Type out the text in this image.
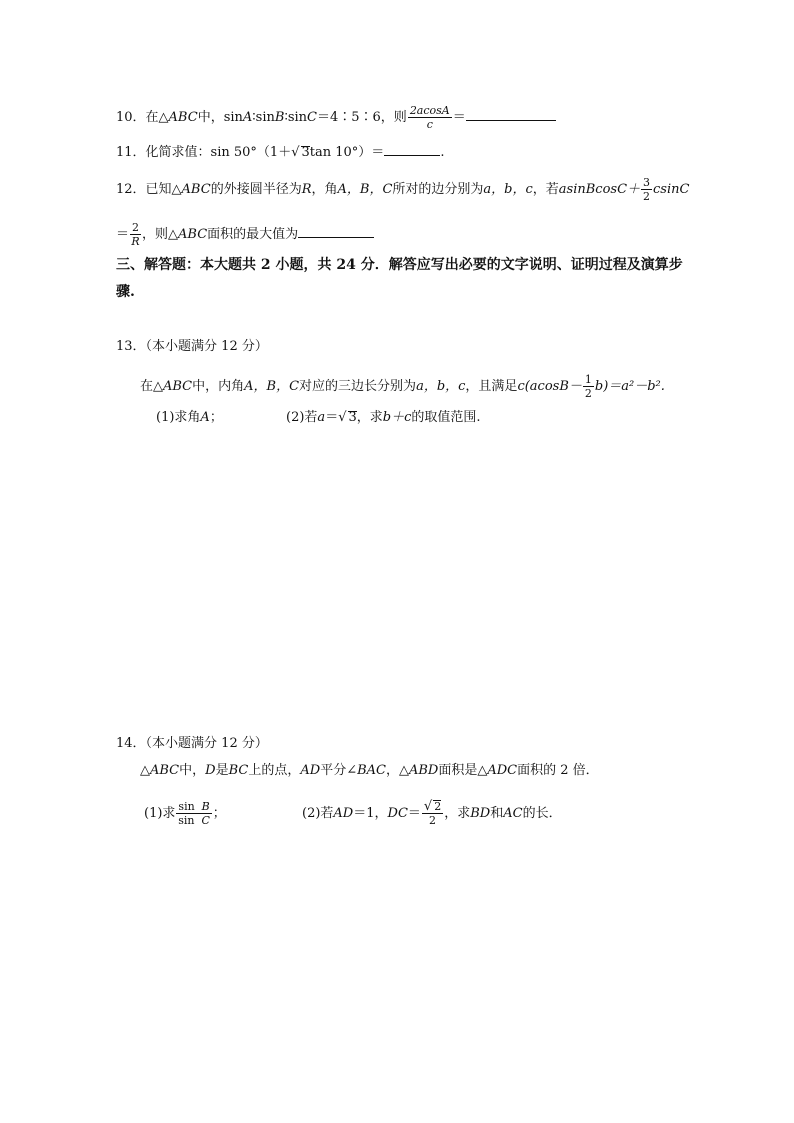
10．在△ABC中，sinA∶sinB∶sinC＝4∶5∶6，则 $\frac{2acosA}{c}$ ＝
11．化简求值：sin 50°（1＋√ 3tan 10°）＝	.
12．已知△ABC的外接圆半径为R，角A，B，C所对的边分别为a，b，c，若asinBcosC＋ $\frac{3}{2}$ csinC
＝ $\frac{2}{R}$ ，则△ABC面积的最大值为
三、解答题：本大题共 2 小题，共 24 分．解答应写出必要的文字说明、证明过程及演算步
骤.
13．（本小题满分 12 分）
在△ABC中，内角A，B，C对应的三边长分别为a，b，c，且满足$c(acosB- \frac{1}{2} b)=a^2-b^2$.
(1)求角A；	(2)若a＝√ 3，求b＋c的取值范围.
14．（本小题满分 12 分）
△ABC中，D是BC上的点，AD平分∠BAC，△ABD面积是△ADC面积的 2 倍．
(1)求 $\frac{\text{sin B}}{\text{sin C}}$ ；	(2)若AD＝1，$DC= \frac{√ 2}{2}$ ，求BD和AC的长．
